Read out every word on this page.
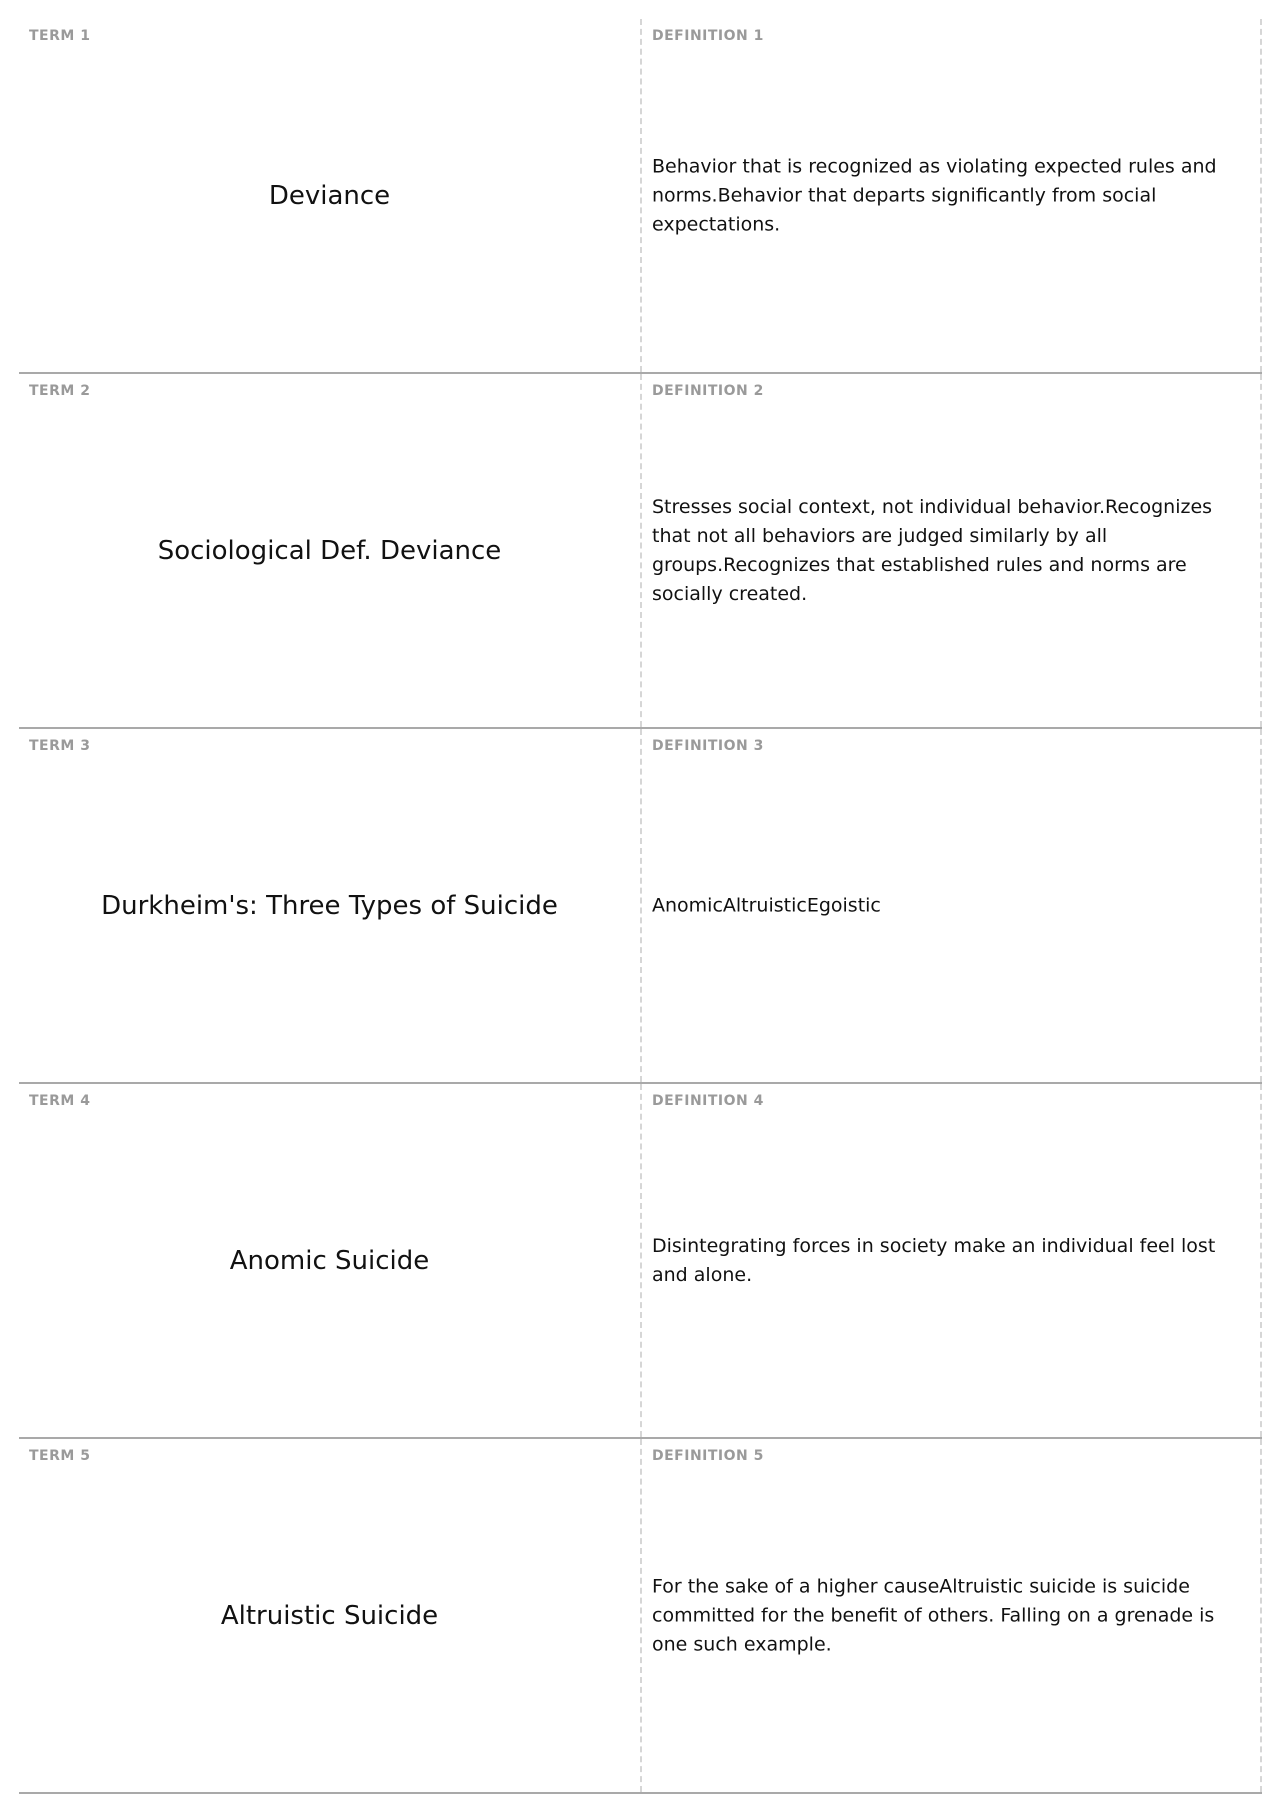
TERM 1
Deviance
DEFINITION 1
Behavior that is recognized as violating expected rules and norms.Behavior that departs significantly from social expectations.
TERM 2
Sociological Def. Deviance
DEFINITION 2
Stresses social context, not individual behavior.Recognizes that not all behaviors are judged similarly by all groups.Recognizes that established rules and norms are socially created.
TERM 3
Durkheim's: Three Types of Suicide
DEFINITION 3
AnomicAltruisticEgoistic
TERM 4
Anomic Suicide
DEFINITION 4
Disintegrating forces in society make an individual feel lost and alone.
TERM 5
Altruistic Suicide
DEFINITION 5
For the sake of a higher causeAltruistic suicide is suicide committed for the benefit of others. Falling on a grenade is one such example.
